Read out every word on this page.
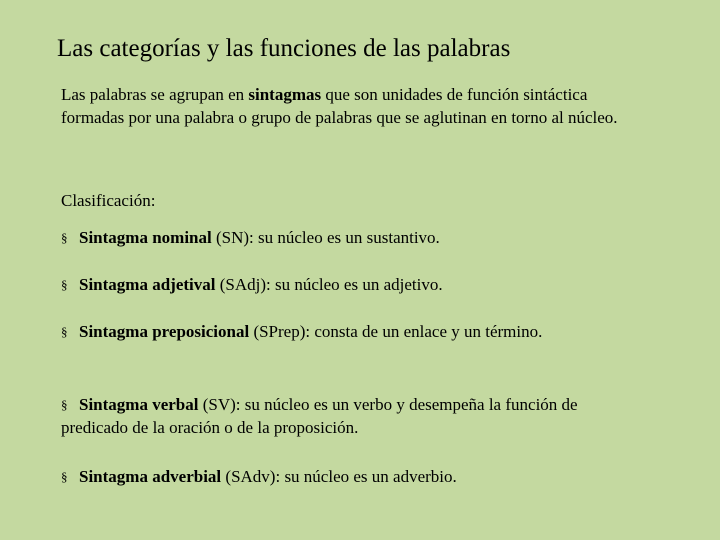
Las categorías y las funciones de las palabras
Las palabras se agrupan en sintagmas que son unidades de función sintáctica formadas por una palabra o grupo de palabras que se aglutinan en torno al núcleo.
Clasificación:
§ Sintagma nominal (SN): su núcleo es un sustantivo.
§ Sintagma adjetival (SAdj): su núcleo es un adjetivo.
§ Sintagma preposicional (SPrep): consta de un enlace y un término.
§ Sintagma verbal (SV): su núcleo es un verbo y desempeña la función de predicado de la oración o de la proposición.
§ Sintagma adverbial (SAdv): su núcleo es un adverbio.
